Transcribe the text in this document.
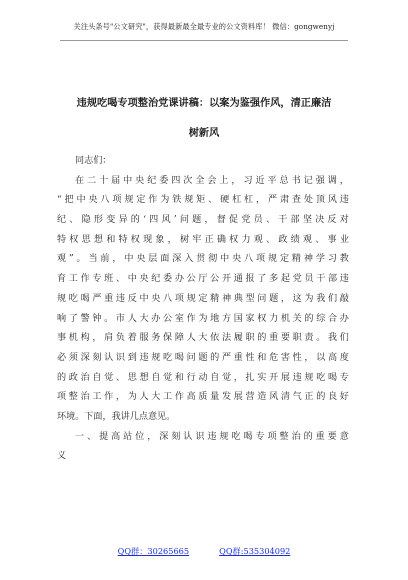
关注头条号"公文研究"，获得最新最全最专业的公文资料库！ 微信：gongwenyj
违规吃喝专项整治党课讲稿：以案为鉴强作风，清正廉洁
树新风
同志们：
在 二 十 届 中 央 纪 委 四 次 全 会 上 ， 习 近 平 总 书 记 强 调 ，
“ 把 中 央 八 项 规 定 作 为 铁 规 矩 、 硬 杠 杠 ， 严 肃 查 处 顶 风 违
纪 、 隐 形 变 异 的 ‘ 四 风 ’ 问 题 ， 督 促 党 员 、 干 部 坚 决 反 对
特 权 思 想 和 特 权 现 象 ， 树 牢 正 确 权 力 观 、 政 绩 观 、 事 业
观 ” 。 当 前 ， 中 央 层 面 深 入 贯 彻 中 央 八 项 规 定 精 神 学 习 教
育 工 作 专 班 、 中 央 纪 委 办 公 厅 公 开 通 报 了 多 起 党 员 干 部 违
规 吃 喝 严 重 违 反 中 央 八 项 规 定 精 神 典 型 问 题 ， 这 为 我 们 敲
响 了 警 钟 。 市 人 大 办 公 室 作 为 地 方 国 家 权 力 机 关 的 综 合 办
事 机 构 ， 肩 负 着 服 务 保 障 人 大 依 法 履 职 的 重 要 职 责 。 我 们
必 须 深 刻 认 识 到 违 规 吃 喝 问 题 的 严 重 性 和 危 害 性 ， 以 高 度
的 政 治 自 觉 、 思 想 自 觉 和 行 动 自 觉 ， 扎 实 开 展 违 规 吃 喝 专
项 整 治 工 作 ， 为 人 大 工 作 高 质 量 发 展 营 造 风 清 气 正 的 良 好
环境。下面，我讲几点意见。
一 、 提 高 站 位 ， 深 刻 认 识 违 规 吃 喝 专 项 整 治 的 重 要 意
义
QQ群：30265665	QQ群:535304092
